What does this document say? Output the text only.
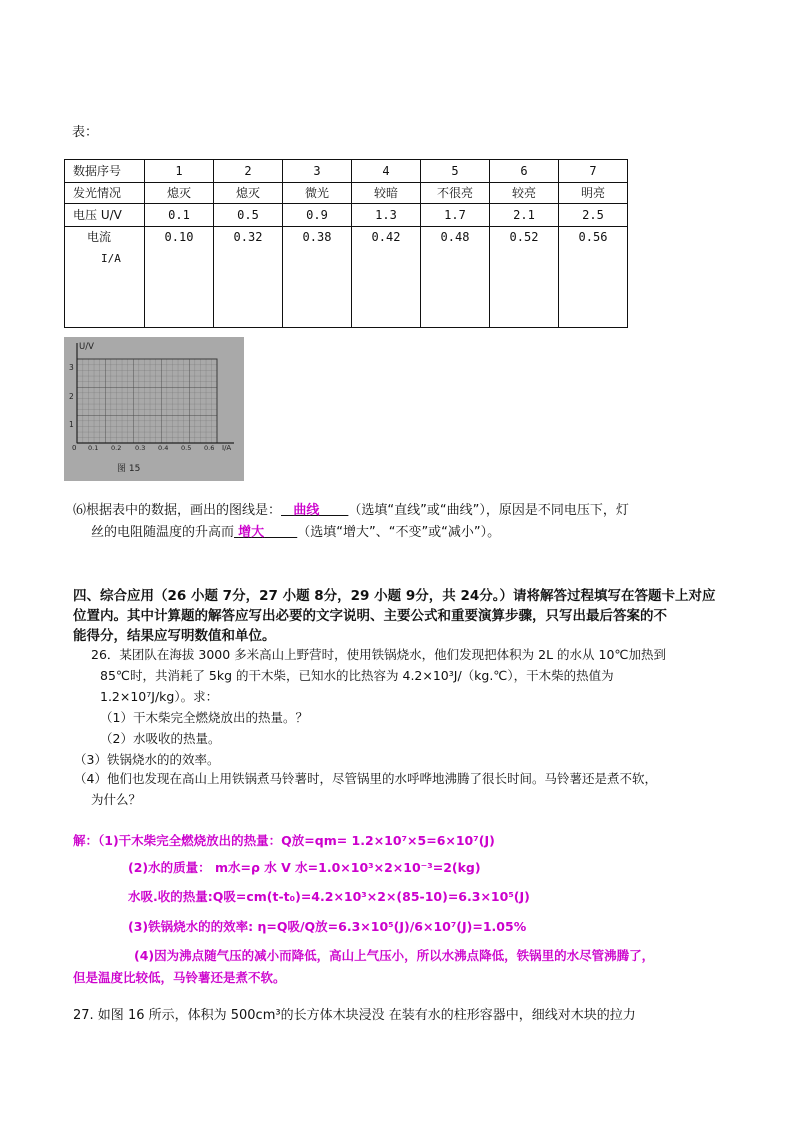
表：
数据序号	1	2	3	4	5	6	7
发光情况	熄灭	熄灭	微光	较暗	不很亮	较亮	明亮
电压 U/V	0.1	0.5	0.9	1.3	1.7	2.1	2.5

电流
I/A	0.10	0.32	0.38	0.42	0.48	0.52	0.56
U/V
3
2
1
0 0.1 0.2 0.3 0.4 0.5 0.6 I/A
图 15
⑹根据表中的数据，画出的图线是： 曲线 （选填“直线”或“曲线”），原因是不同电压下，灯
丝的电阻随温度的升高而 增大	（选填“增大”、“不变”或“减小”）。
四、综合应用（26 小题 7分，27 小题 8分，29 小题 9分，共 24分。）请将解答过程填写在答题卡上对应
位置内。其中计算题的解答应写出必要的文字说明、主要公式和重要演算步骤，只写出最后答案的不
能得分，结果应写明数值和单位。
26．某团队在海拔 3000 多米高山上野营时，使用铁锅烧水，他们发现把体积为 2L 的水从 10℃加热到
85℃时，共消耗了 5kg 的干木柴，已知水的比热容为 4.2×10³J/（kg.℃），干木柴的热值为
1.2×10⁷J/kg）。求：
（1）干木柴完全燃烧放出的热量。？
（2）水吸收的热量。
（3）铁锅烧水的的效率。
（4）他们也发现在高山上用铁锅煮马铃薯时，尽管锅里的水呼哗地沸腾了很长时间。马铃薯还是煮不软，
为什么？
解：（1)干木柴完全燃烧放出的热量：Q放=qm= 1.2×10⁷×5=6×10⁷(J)
(2)水的质量： m水=ρ 水 V 水=1.0×10³×2×10⁻³=2(kg)
水吸.收的热量:Q吸=cm(t-t₀)=4.2×10³×2×(85-10)=6.3×10⁵(J)
(3)铁锅烧水的的效率: η=Q吸/Q放=6.3×10⁵(J)/6×10⁷(J)=1.05%
(4)因为沸点随气压的减小而降低，高山上气压小，所以水沸点降低，铁锅里的水尽管沸腾了，
但是温度比较低，马铃薯还是煮不软。
27. 如图 16 所示，体积为 500cm³的长方体木块浸没 在装有水的柱形容器中，细线对木块的拉力
